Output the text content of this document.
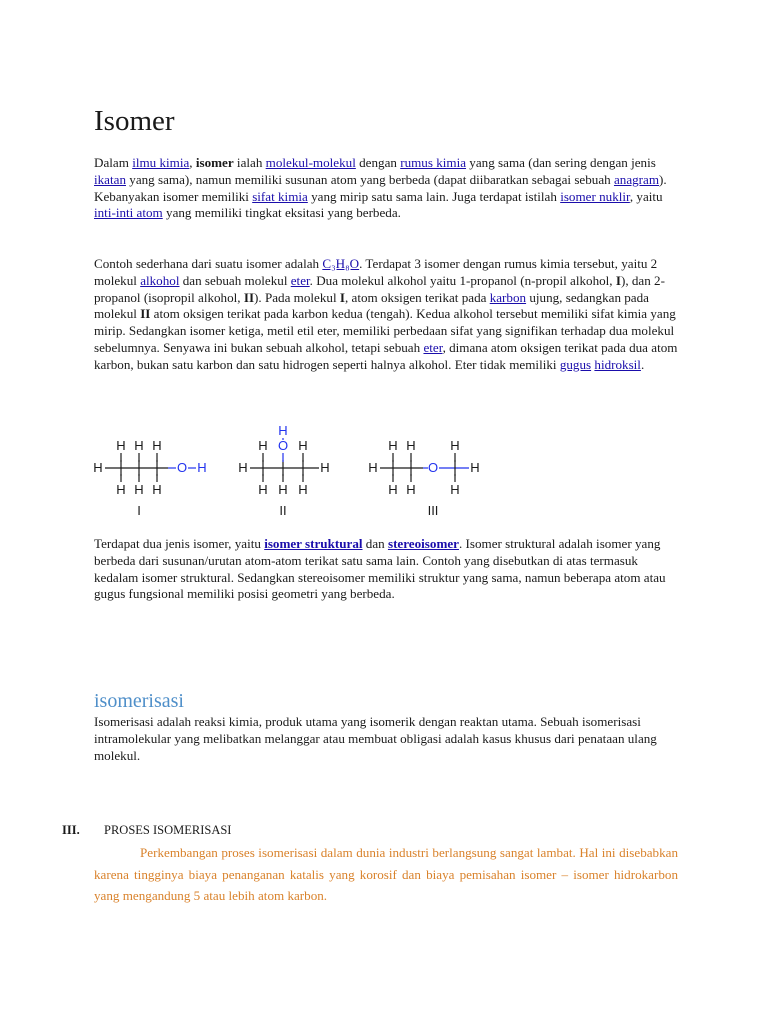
Isomer

Dalam ilmu kimia, isomer ialah molekul-molekul dengan rumus kimia yang sama (dan sering dengan jenis ikatan yang sama), namun memiliki susunan atom yang berbeda (dapat diibaratkan sebagai sebuah anagram). Kebanyakan isomer memiliki sifat kimia yang mirip satu sama lain. Juga terdapat istilah isomer nuklir, yaitu inti-inti atom yang memiliki tingkat eksitasi yang berbeda.

Contoh sederhana dari suatu isomer adalah C₃H₈O. Terdapat 3 isomer dengan rumus kimia tersebut, yaitu 2 molekul alkohol dan sebuah molekul eter. Dua molekul alkohol yaitu 1-propanol (n-propil alkohol, I), dan 2-propanol (isopropil alkohol, II). Pada molekul I, atom oksigen terikat pada karbon ujung, sedangkan pada molekul II atom oksigen terikat pada karbon kedua (tengah). Kedua alkohol tersebut memiliki sifat kimia yang mirip. Sedangkan isomer ketiga, metil etil eter, memiliki perbedaan sifat yang signifikan terhadap dua molekul sebelumnya. Senyawa ini bukan sebuah alkohol, tetapi sebuah eter, dimana atom oksigen terikat pada dua atom karbon, bukan satu karbon dan satu hidrogen seperti halnya alkohol. Eter tidak memiliki gugus hidroksil.

H
H
H
H
H
H
H
O H
I
H
H
H H
O
H
H
H
H
II
H
H
H
H
H
O
H
H
H
III

Terdapat dua jenis isomer, yaitu isomer struktural dan stereoisomer. Isomer struktural adalah isomer yang berbeda dari susunan/urutan atom-atom terikat satu sama lain. Contoh yang disebutkan di atas termasuk kedalam isomer struktural. Sedangkan stereoisomer memiliki struktur yang sama, namun beberapa atom atau gugus fungsional memiliki posisi geometri yang berbeda.

isomerisasi

Isomerisasi adalah reaksi kimia, produk utama yang isomerik dengan reaktan utama. Sebuah isomerisasi intramolekular yang melibatkan melanggar atau membuat obligasi adalah kasus khusus dari penataan ulang molekul.

III. PROSES ISOMERISASI

Perkembangan proses isomerisasi dalam dunia industri berlangsung sangat lambat. Hal ini disebabkan karena tingginya biaya penanganan katalis yang korosif dan biaya pemisahan isomer – isomer hidrokarbon yang mengandung 5 atau lebih atom karbon.
